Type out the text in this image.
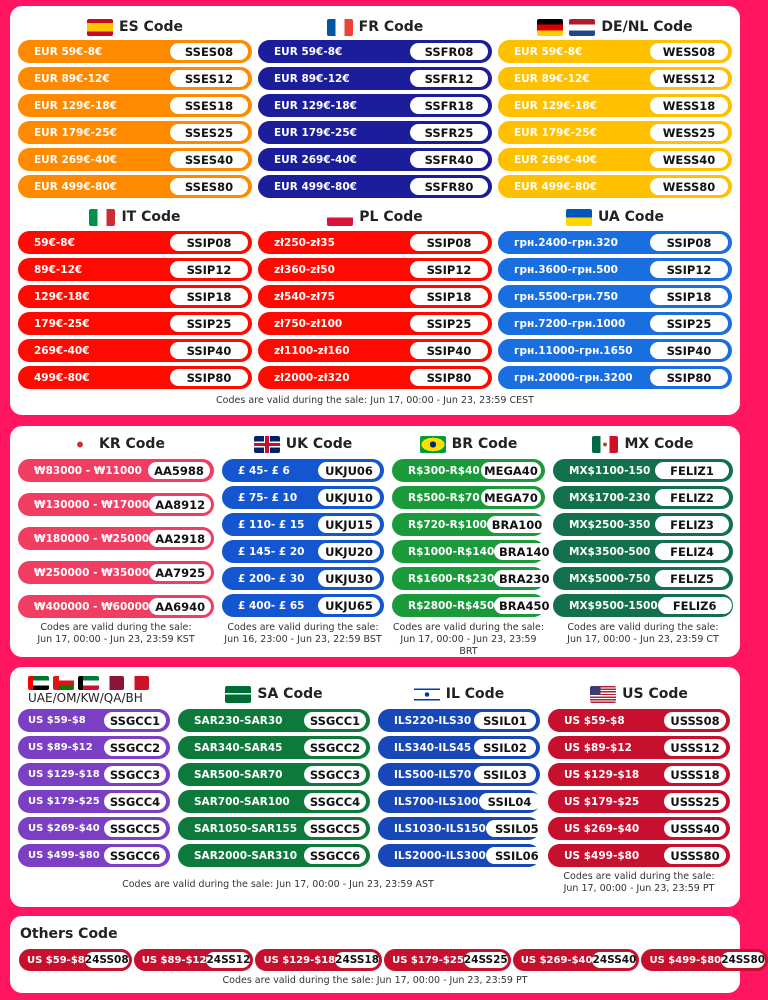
ES Code
EUR 59€-8€	SSES08
EUR 89€-12€	SSES12
EUR 129€-18€	SSES18
EUR 179€-25€	SSES25
EUR 269€-40€	SSES40
EUR 499€-80€	SSES80
FR Code
EUR 59€-8€	SSFR08
EUR 89€-12€	SSFR12
EUR 129€-18€	SSFR18
EUR 179€-25€	SSFR25
EUR 269€-40€	SSFR40
EUR 499€-80€	SSFR80
DE/NL Code
EUR 59€-8€	WESS08
EUR 89€-12€	WESS12
EUR 129€-18€	WESS18
EUR 179€-25€	WESS25
EUR 269€-40€	WESS40
EUR 499€-80€	WESS80
IT Code
59€-8€	SSIP08
89€-12€	SSIP12
129€-18€	SSIP18
179€-25€	SSIP25
269€-40€	SSIP40
499€-80€	SSIP80
PL Code
zł250-zł35	SSIP08
zł360-zł50	SSIP12
zł540-zł75	SSIP18
zł750-zł100	SSIP25
zł1100-zł160	SSIP40
zł2000-zł320	SSIP80
UA Code
грн.2400-грн.320	SSIP08
грн.3600-грн.500	SSIP12
грн.5500-грн.750	SSIP18
грн.7200-грн.1000	SSIP25
грн.11000-грн.1650	SSIP40
грн.20000-грн.3200	SSIP80
Codes are valid during the sale: Jun 17, 00:00 - Jun 23, 23:59 CEST
KR Code
₩83000 - ₩11000	AA5988
₩130000 - ₩17000 AA8912
₩180000 - ₩25000 AA2918
₩250000 - ₩35000 AA7925
₩400000 - ₩60000 AA6940
UK Code
£ 45- £ 6	UKJU06
£ 75- £ 10	UKJU10
£ 110- £ 15	UKJU15
£ 145- £ 20	UKJU20
£ 200- £ 30	UKJU30
£ 400- £ 65	UKJU65
BR Code
R$300-R$40 MEGA40
R$500-R$70 MEGA70
R$720-R$100 BRA100
R$1000-R$140 BRA140
R$1600-R$230 BRA230
R$2800-R$450 BRA450
MX Code
MX$1100-150	FELIZ1
MX$1700-230	FELIZ2
MX$2500-350	FELIZ3
MX$3500-500	FELIZ4
MX$5000-750	FELIZ5
MX$9500-1500	FELIZ6
Codes are valid during the sale:
Jun 17, 00:00 - Jun 23, 23:59 KST
Codes are valid during the sale:
Jun 16, 23:00 - Jun 23, 22:59 BST
Codes are valid during the sale:
Jun 17, 00:00 - Jun 23, 23:59 BRT
Codes are valid during the sale:
Jun 17, 00:00 - Jun 23, 23:59 CT
UAE/OM/KW/QA/BH
US $59-$8	SSGCC1
US $89-$12	SSGCC2
US $129-$18 SSGCC3
US $179-$25 SSGCC4
US $269-$40 SSGCC5
US $499-$80 SSGCC6
SA Code
SAR230-SAR30	SSGCC1
SAR340-SAR45	SSGCC2
SAR500-SAR70	SSGCC3
SAR700-SAR100	SSGCC4
SAR1050-SAR155	SSGCC5
SAR2000-SAR310	SSGCC6
IL Code
ILS220-ILS30	SSIL01
ILS340-ILS45	SSIL02
ILS500-ILS70	SSIL03
ILS700-ILS100 SSIL04
ILS1030-ILS150 SSIL05
ILS2000-ILS300 SSIL06
US Code
US $59-$8	USSS08
US $89-$12	USSS12
US $129-$18	USSS18
US $179-$25	USSS25
US $269-$40	USSS40
US $499-$80	USSS80
Codes are valid during the sale: Jun 17, 00:00 - Jun 23, 23:59 AST
Codes are valid during the sale:
Jun 17, 00:00 - Jun 23, 23:59 PT
Others Code
US $59-$8 24SS08	US $89-$12 24SS12	US $129-$18 24SS18	US $179-$25 24SS25	US $269-$40 24SS40	US $499-$80 24SS80
Codes are valid during the sale: Jun 17, 00:00 - Jun 23, 23:59 PT
